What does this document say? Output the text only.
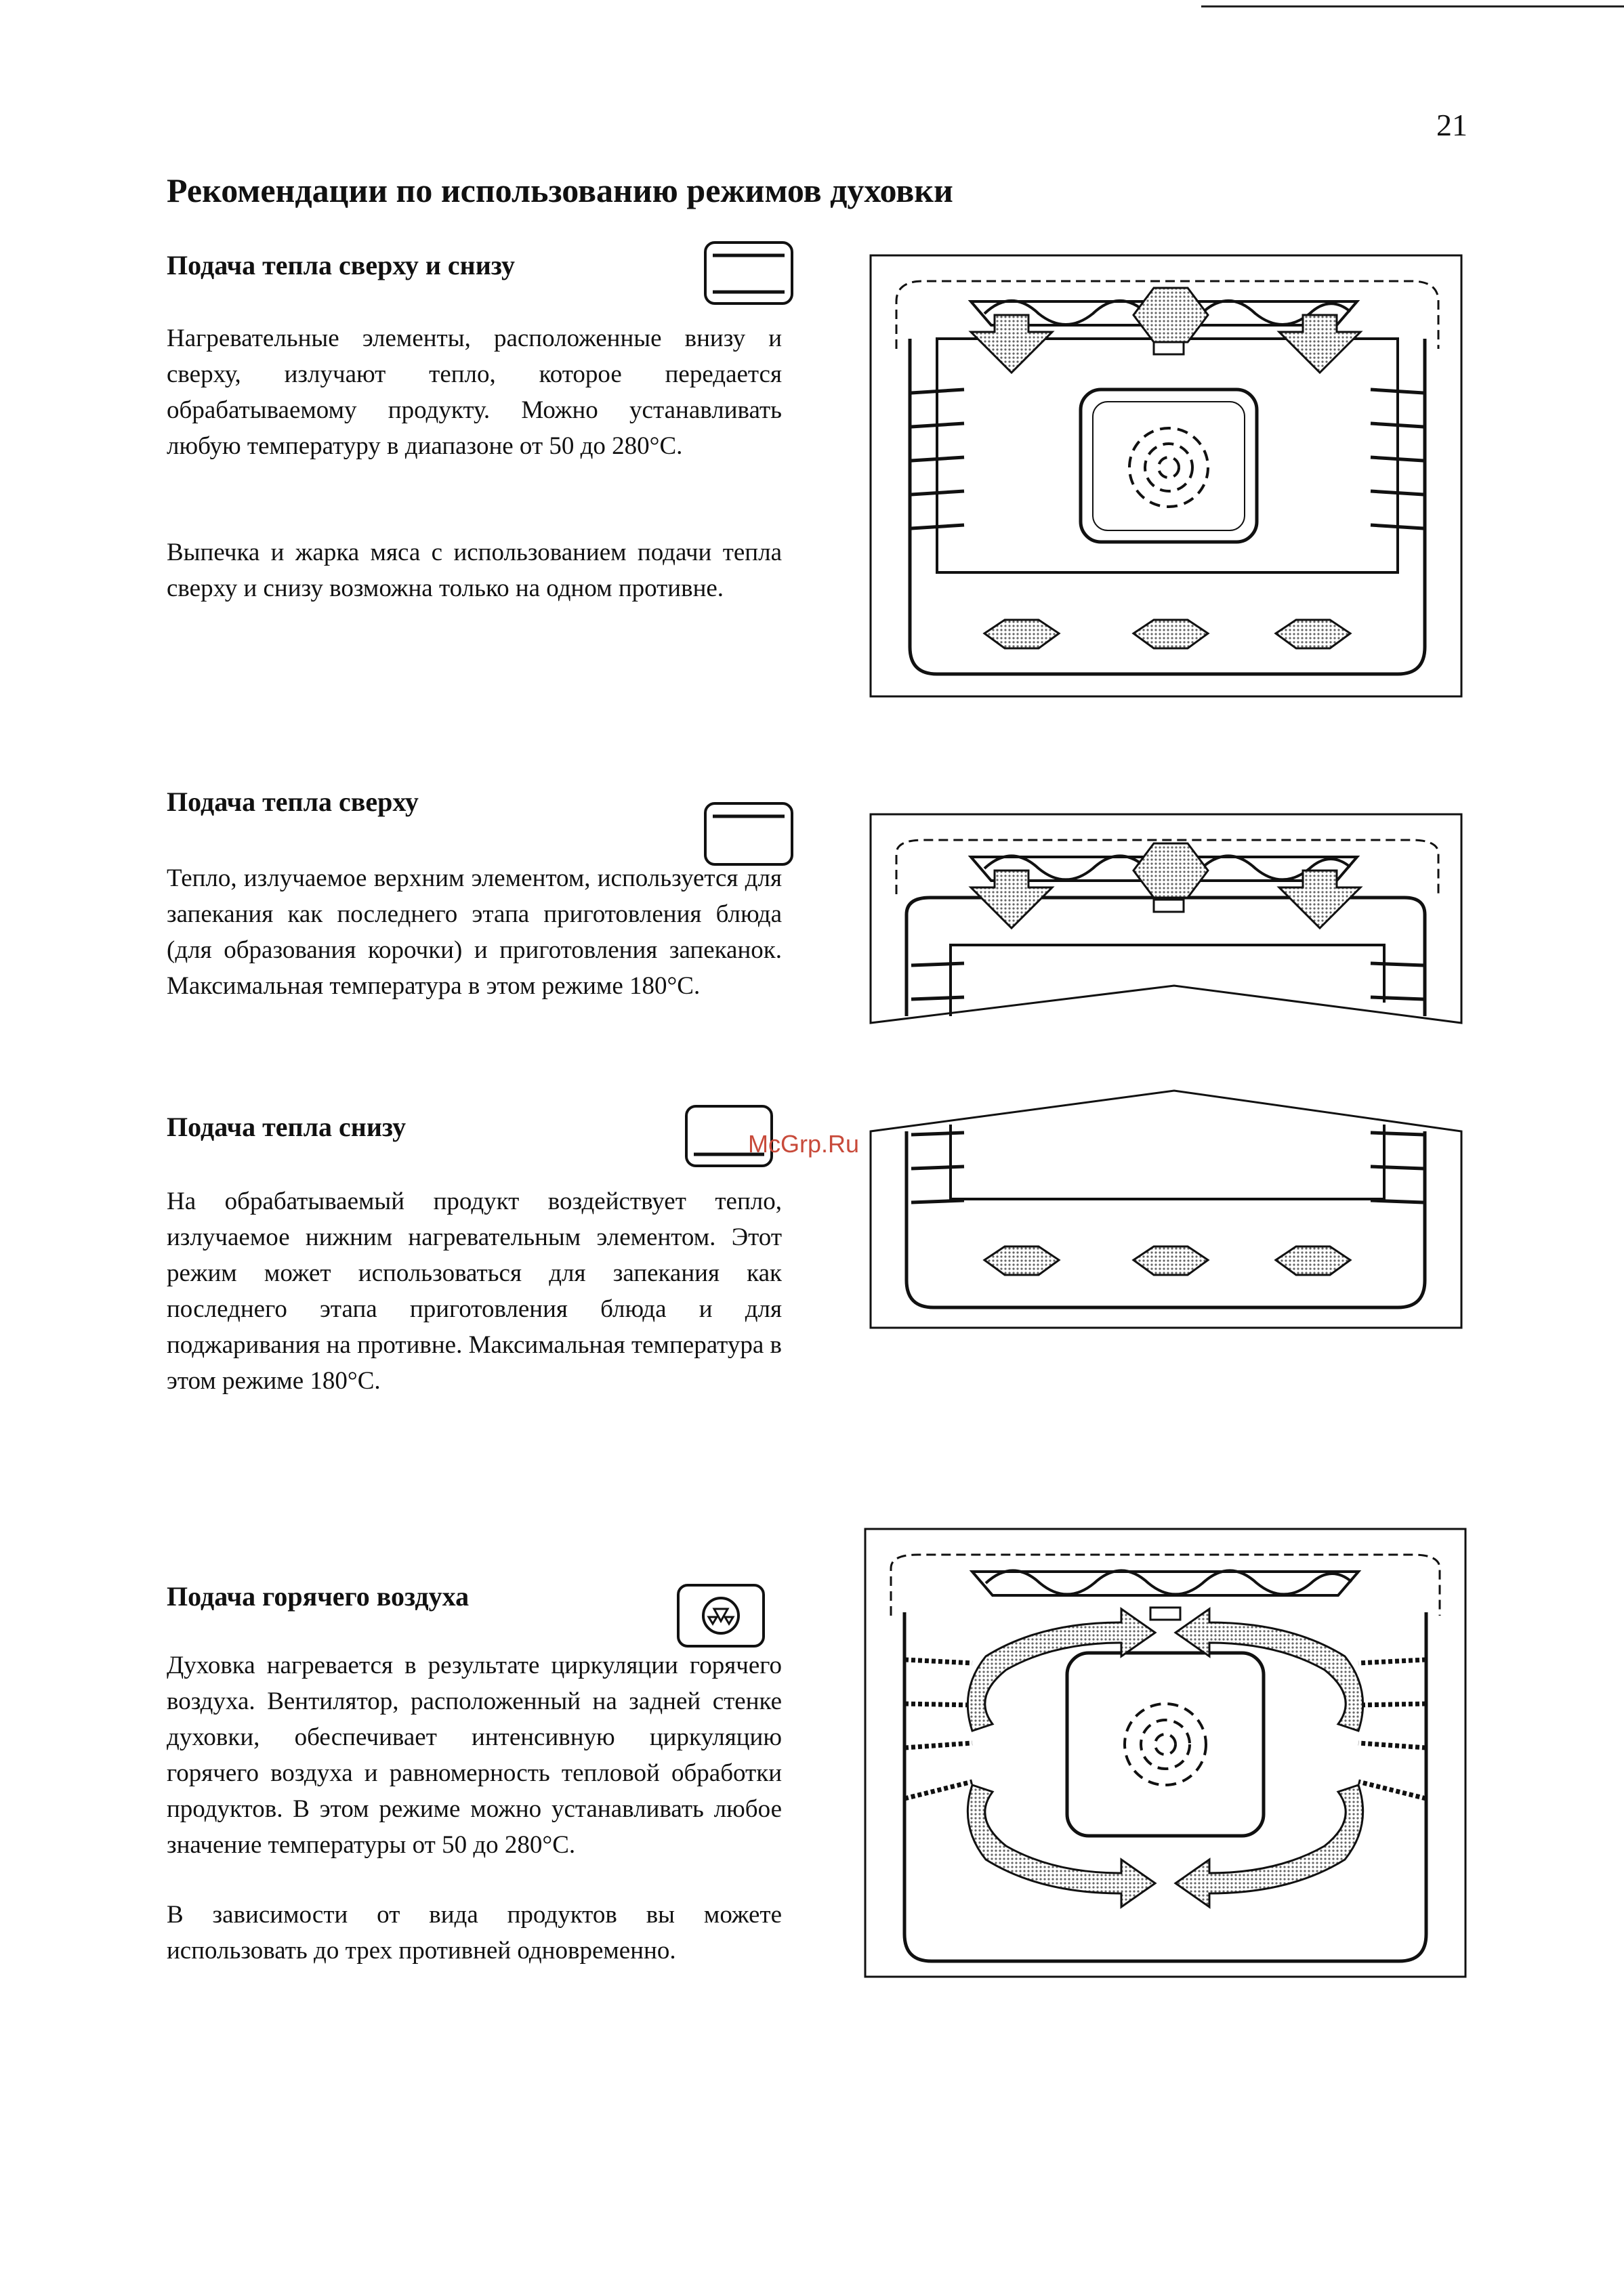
21
Рекомендации по использованию режимов духовки
Подача тепла сверху и снизу

Нагревательные элементы, расположенные внизу и сверху, излучают тепло, которое передается обрабатываемому продукту. Можно устанавливать любую температуру в диапазоне от 50 до 280°С.

Выпечка и жарка мяса с использованием подачи тепла сверху и снизу возможна только на одном противне.

Подача тепла сверху

Тепло, излучаемое верхним элементом, используется для запекания как последнего этапа приготовления блюда (для образования корочки) и приготовления запеканок. Максимальная температура в этом режиме 180°С.

Подача тепла снизу
McGrp.Ru

На обрабатываемый продукт воздействует тепло, излучаемое нижним нагревательным элементом. Этот режим может использоваться для запекания как последнего этапа приготовления блюда и для поджаривания на противне. Максимальная температура в этом режиме 180°С.

Подача горячего воздуха

Духовка нагревается в результате циркуляции горячего воздуха. Вентилятор, расположенный на задней стенке духовки, обеспечивает интенсивную циркуляцию горячего воздуха и равномерность тепловой обработки продуктов. В этом режиме можно устанавливать любое значение температуры от 50 до 280°С.

В зависимости от вида продуктов вы можете использовать до трех противней одновременно.
